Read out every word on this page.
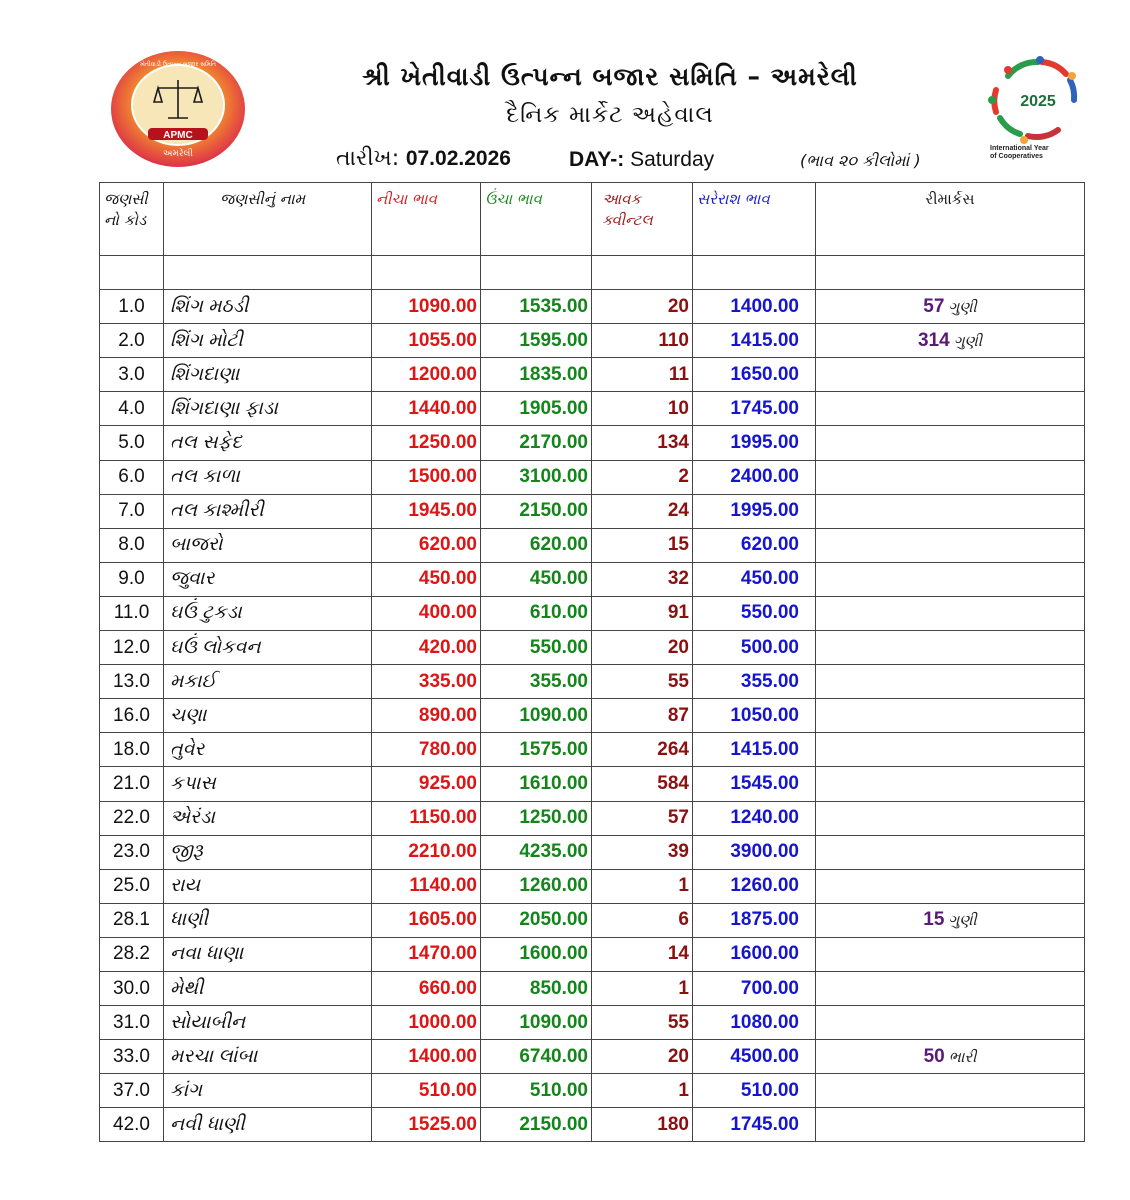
APMC
અમરેલી
ખેતીવાડી ઉત્પન્ન બજાર સમિતિ	શ્રી ખેતીવાડી ઉત્પન્ન બજાર સમિતિ – અમરેલી
દૈનિક માર્કેટ અહેવાલ
તારીખ: 07.02.2026	DAY-: Saturday	(ભાવ ૨૦ કીલોમાં )
2025
International Year
of Cooperatives
જણસી નો કોડ	જણસીનું નામ	નીચા ભાવ	ઉંચા ભાવ	આવક ક્વીન્ટલ	સરેરાશ ભાવ	રીમાર્કસ

1.0	શિંગ મઠડી	1090.00	1535.00	20	1400.00	57 ગુણી
2.0	શિંગ મોટી	1055.00	1595.00	110	1415.00	314 ગુણી
3.0	શિંગદાણા	1200.00	1835.00	11	1650.00	
4.0	શિંગદાણા ફાડા	1440.00	1905.00	10	1745.00	
5.0	તલ સફેદ	1250.00	2170.00	134	1995.00	
6.0	તલ કાળા	1500.00	3100.00	2	2400.00	
7.0	તલ કાશ્મીરી	1945.00	2150.00	24	1995.00	
8.0	બાજરો	620.00	620.00	15	620.00	
9.0	જુવાર	450.00	450.00	32	450.00	
11.0	ઘઉં ટુકડા	400.00	610.00	91	550.00	
12.0	ઘઉં લોકવન	420.00	550.00	20	500.00	
13.0	મકાઈ	335.00	355.00	55	355.00	
16.0	ચણા	890.00	1090.00	87	1050.00	
18.0	તુવેર	780.00	1575.00	264	1415.00	
21.0	કપાસ	925.00	1610.00	584	1545.00	
22.0	એરંડા	1150.00	1250.00	57	1240.00	
23.0	જીરૂ	2210.00	4235.00	39	3900.00	
25.0	રાય	1140.00	1260.00	1	1260.00	
28.1	ધાણી	1605.00	2050.00	6	1875.00	15 ગુણી
28.2	નવા ધાણા	1470.00	1600.00	14	1600.00	
30.0	મેથી	660.00	850.00	1	700.00	
31.0	સોયાબીન	1000.00	1090.00	55	1080.00	
33.0	મરચા લાંબા	1400.00	6740.00	20	4500.00	50 ભારી
37.0	કાંગ	510.00	510.00	1	510.00	
42.0	નવી ધાણી	1525.00	2150.00	180	1745.00	
